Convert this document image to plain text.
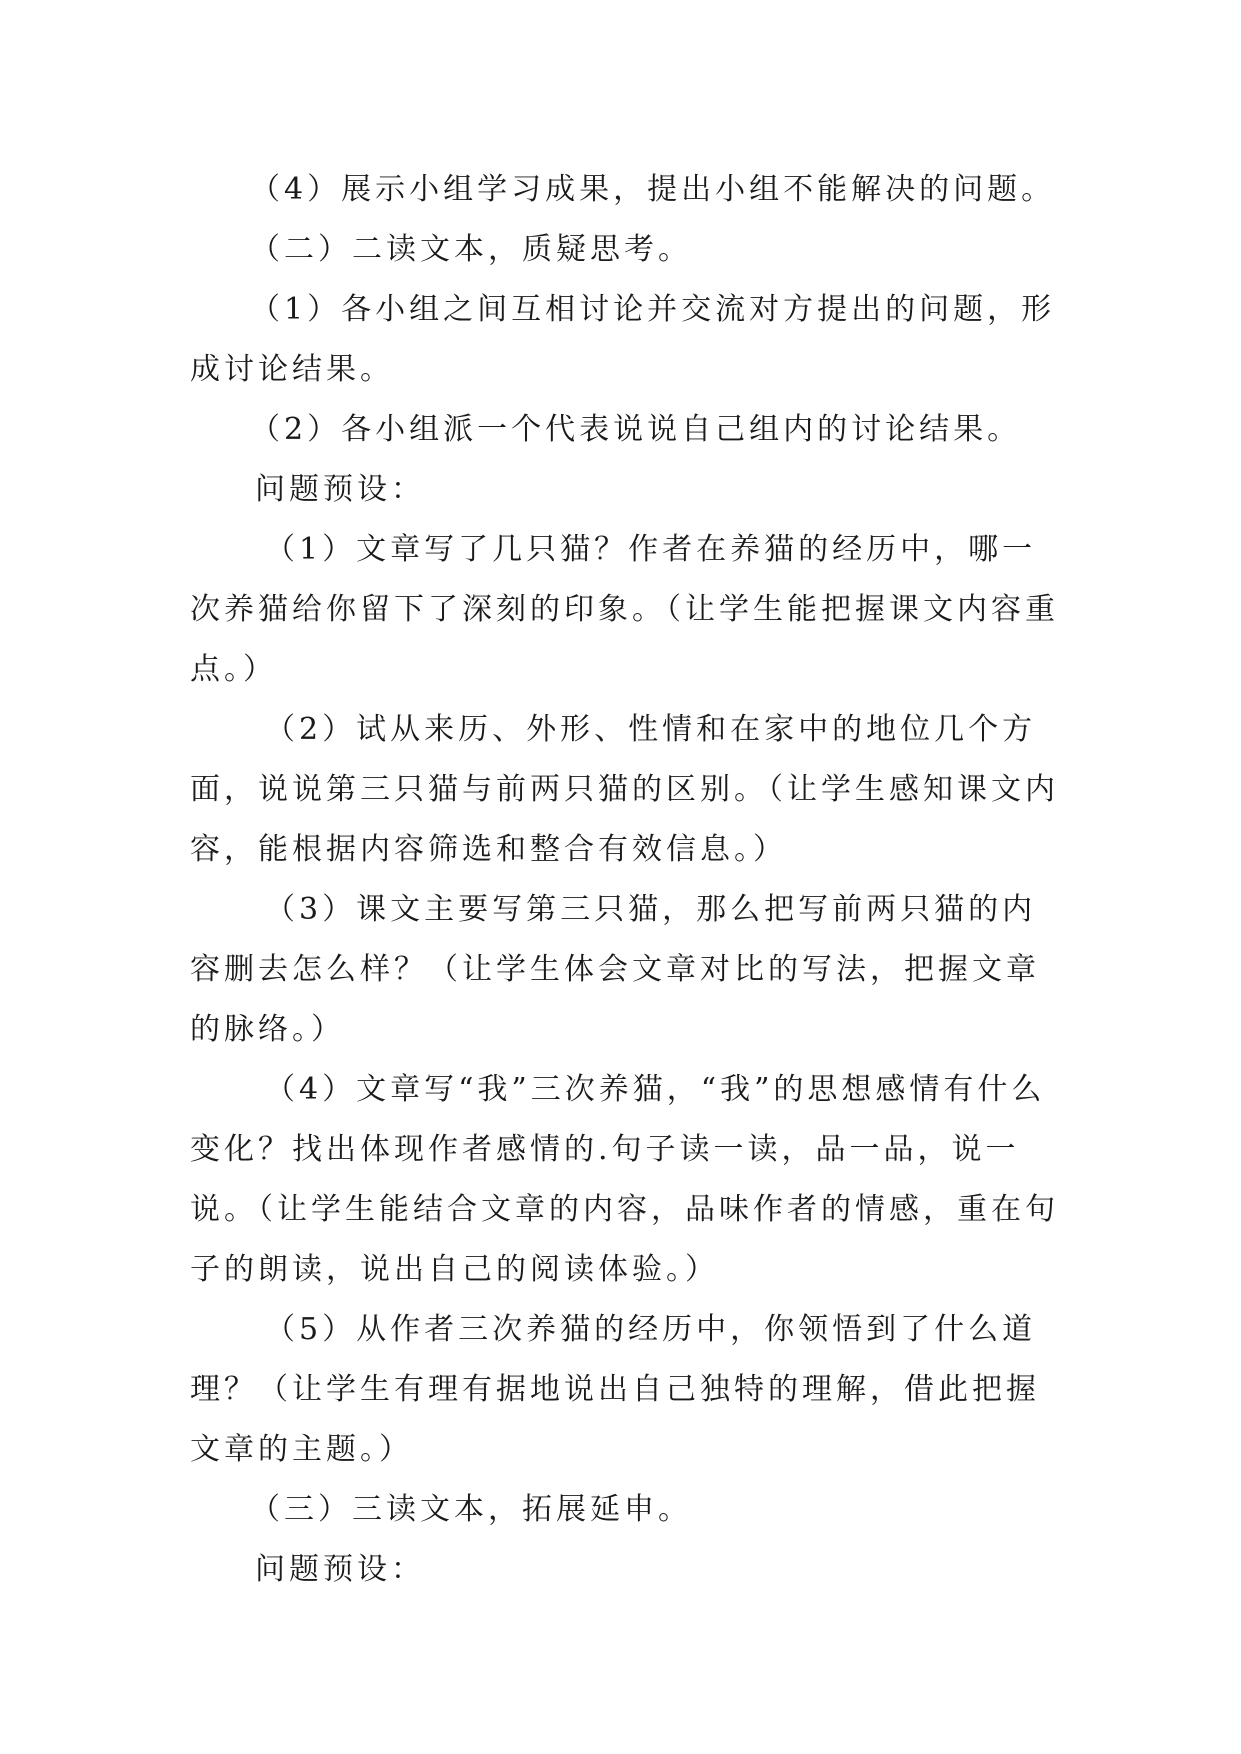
（4）展示小组学习成果，提出小组不能解决的问题。

（二）二读文本，质疑思考。

（1）各小组之间互相讨论并交流对方提出的问题，形成讨论结果。

（2）各小组派一个代表说说自己组内的讨论结果。

问题预设：

（1）文章写了几只猫？作者在养猫的经历中，哪一次养猫给你留下了深刻的印象。（让学生能把握课文内容重点。）

（2）试从来历、外形、性情和在家中的地位几个方面，说说第三只猫与前两只猫的区别。（让学生感知课文内容，能根据内容筛选和整合有效信息。）

（3）课文主要写第三只猫，那么把写前两只猫的内容删去怎么样？（让学生体会文章对比的写法，把握文章的脉络。）

（4）文章写“我”三次养猫，“我”的思想感情有什么变化？找出体现作者感情的.句子读一读，品一品，说一说。（让学生能结合文章的内容，品味作者的情感，重在句子的朗读，说出自己的阅读体验。）

（5）从作者三次养猫的经历中，你领悟到了什么道理？（让学生有理有据地说出自己独特的理解，借此把握文章的主题。）

（三）三读文本，拓展延申。

问题预设：
